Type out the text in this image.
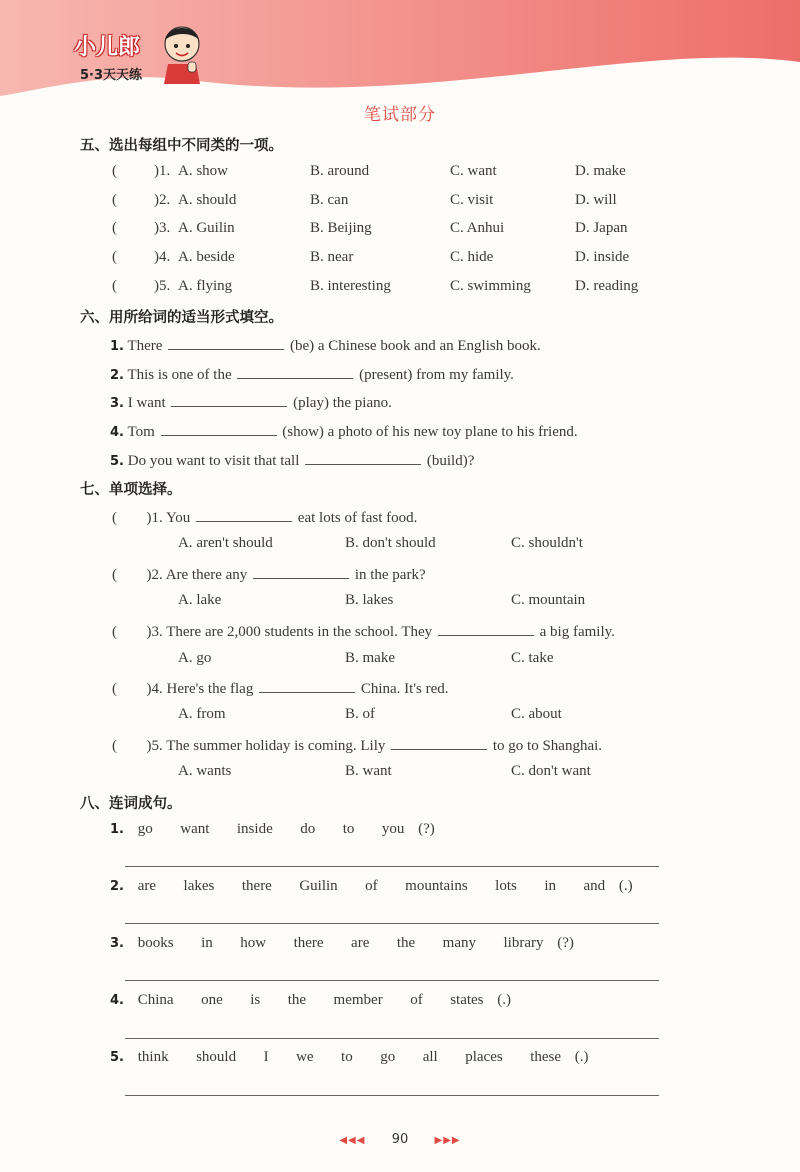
小儿郎
5·3天天练
笔试部分
五、选出每组中不同类的一项。
( )1. A. show	B. around	C. want	D. make
( )2. A. should	B. can	C. visit	D. will
( )3. A. Guilin	B. Beijing	C. Anhui	D. Japan
( )4. A. beside	B. near	C. hide	D. inside
( )5. A. flying	B. interesting	C. swimming	D. reading
六、用所给词的适当形式填空。
1. There	(be) a Chinese book and an English book.
2. This is one of the	(present) from my family.
3. I want	(play) the piano.
4. Tom	(show) a photo of his new toy plane to his friend.
5. Do you want to visit that tall	(build)?
七、单项选择。
( )1. You	eat lots of fast food.
A. aren't should	B. don't should	C. shouldn't
( )2. Are there any	in the park?
A. lake	B. lakes	C. mountain
( )3. There are 2,000 students in the school. They	a big family.
A. go	B. make	C. take
( )4. Here's the flag	China. It's red.
A. from	B. of	C. about
( )5. The summer holiday is coming. Lily	to go to Shanghai.
A. wants	B. want	C. don't want
八、连词成句。
1. go  want  inside  do  to  you (?)
2. are  lakes  there  Guilin  of  mountains  lots  in  and (.)
3. books  in  how  there  are  the  many  library (?)
4. China  one  is  the  member  of  states (.)
5. think  should  I  we  to  go  all  places  these (.)
◀◀◀ 90	▶▶▶
